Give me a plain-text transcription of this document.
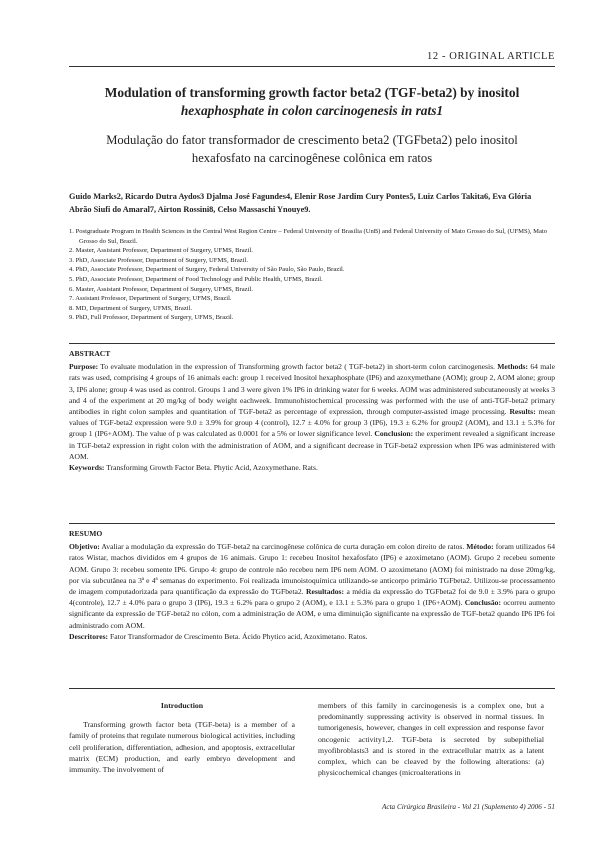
12 - ORIGINAL ARTICLE
Modulation of transforming growth factor beta2 (TGF-beta2) by inositol
hexaphosphate in colon carcinogenesis in rats1
Modulação do fator transformador de crescimento beta2 (TGFbeta2) pelo inositol
hexafosfato na carcinogênese colônica em ratos
Guido Marks2, Ricardo Dutra Aydos3 Djalma José Fagundes4, Elenir Rose Jardim Cury Pontes5, Luiz Carlos Takita6, Eva Glória Abrão Siufi do Amaral7, Airton Rossini8, Celso Massaschi Ynouye9.
1. Postgraduate Program in Health Sciences in the Central West Region Centre – Federal University of Brasilia (UnB) and Federal University of Mato Grosso do Sul, (UFMS), Mato Grosso do Sul, Brazil.
2. Master, Assistant Professor, Department of Surgery, UFMS, Brazil.
3. PhD, Associate Professor, Department of Surgery, UFMS, Brazil.
4. PhD, Associate Professor, Department of Surgery, Federal University of São Paulo, São Paulo, Brazil.
5. PhD, Associate Professor, Department of Food Technology and Public Health, UFMS, Brazil.
6. Master, Assistant Professor, Department of Surgery, UFMS, Brazil.
7. Assistant Professor, Department of Surgery, UFMS, Brazil.
8. MD, Department of Surgery, UFMS, Brazil.
9. PhD, Full Professor, Department of Surgery, UFMS, Brazil.
ABSTRACT
Purpose: To evaluate modulation in the expression of Transforming growth factor beta2 ( TGF-beta2) in short-term colon carcinogenesis. Methods: 64 male rats was used, comprising 4 groups of 16 animals each: group 1 received Inositol hexaphosphate (IP6) and azoxymethane (AOM); group 2, AOM alone; group 3, IP6 alone; group 4 was used as control. Groups 1 and 3 were given 1% IP6 in drinking water for 6 weeks. AOM was administered subcutaneously at weeks 3 and 4 of the experiment at 20 mg/kg of body weight eachweek. Immunohistochemical processing was performed with the use of anti-TGF-beta2 primary antibodies in right colon samples and quantitation of TGF-beta2 as percentage of expression, through computer-assisted image processing. Results: mean values of TGF-beta2 expression were 9.0 ± 3.9% for group 4 (control), 12.7 ± 4.0% for group 3 (IP6), 19.3 ± 6.2% for group2 (AOM), and 13.1 ± 5.3% for group 1 (IP6+AOM). The value of p was calculated as 0.0001 for a 5% or lower significance level. Conclusion: the experiment revealed a significant increase in TGF-beta2 expression in right colon with the administration of AOM, and a significant decrease in TGF-beta2 expression when IP6 was administered with AOM.
Keywords: Transforming Growth Factor Beta. Phytic Acid, Azoxymethane. Rats.
RESUMO
Objetivo: Avaliar a modulação da expressão do TGF-beta2 na carcinogênese colônica de curta duração em colon direito de ratos. Método: foram utilizados 64 ratos Wistar, machos divididos em 4 grupos de 16 animais. Grupo 1: recebeu Inositol hexafosfato (IP6) e azoximetano (AOM). Grupo 2 recebeu somente AOM. Grupo 3: recebeu somente IP6. Grupo 4: grupo de controle não recebeu nem IP6 nem AOM. O azoximetano (AOM) foi ministrado na dose 20mg/kg, por via subcutânea na 3ª e 4ª semanas do experimento. Foi realizada imunoistoquímica utilizando-se anticorpo primário TGFbeta2. Utilizou-se processamento de imagem computadorizada para quantificação da expressão do TGFbeta2. Resultados: a média da expressão do TGFbeta2 foi de 9.0 ± 3.9% para o grupo 4(controle), 12.7 ± 4.0% para o grupo 3 (IP6), 19.3 ± 6.2% para o grupo 2 (AOM), e 13.1 ± 5.3% para o grupo 1 (IP6+AOM). Conclusão: ocorreu aumento significante da expressão de TGF-beta2 no cólon, com a administração de AOM, e uma diminuição significante na expressão de TGF-beta2 quando IP6 IP6 foi administrado com AOM.
Descritores: Fator Transformador de Crescimento Beta. Ácido Phytico acid, Azoximetano. Ratos.
Introduction
Transforming growth factor beta (TGF-beta) is a member of a family of proteins that regulate numerous biological activities, including cell proliferation, differentiation, adhesion, and apoptosis, extracellular matrix (ECM) production, and early embryo development and immunity. The involvement of
members of this family in carcinogenesis is a complex one, but a predominantly suppressing activity is observed in normal tissues. In tumorigenesis, however, changes in cell expression and response favor oncogenic activity1,2. TGF-beta is secreted by subepithelial myofibroblasts3 and is stored in the extracellular matrix as a latent complex, which can be cleaved by the following alterations: (a) physicochemical changes (microalterations in
Acta Cirúrgica Brasileira - Vol 21 (Suplemento 4) 2006 - 51
